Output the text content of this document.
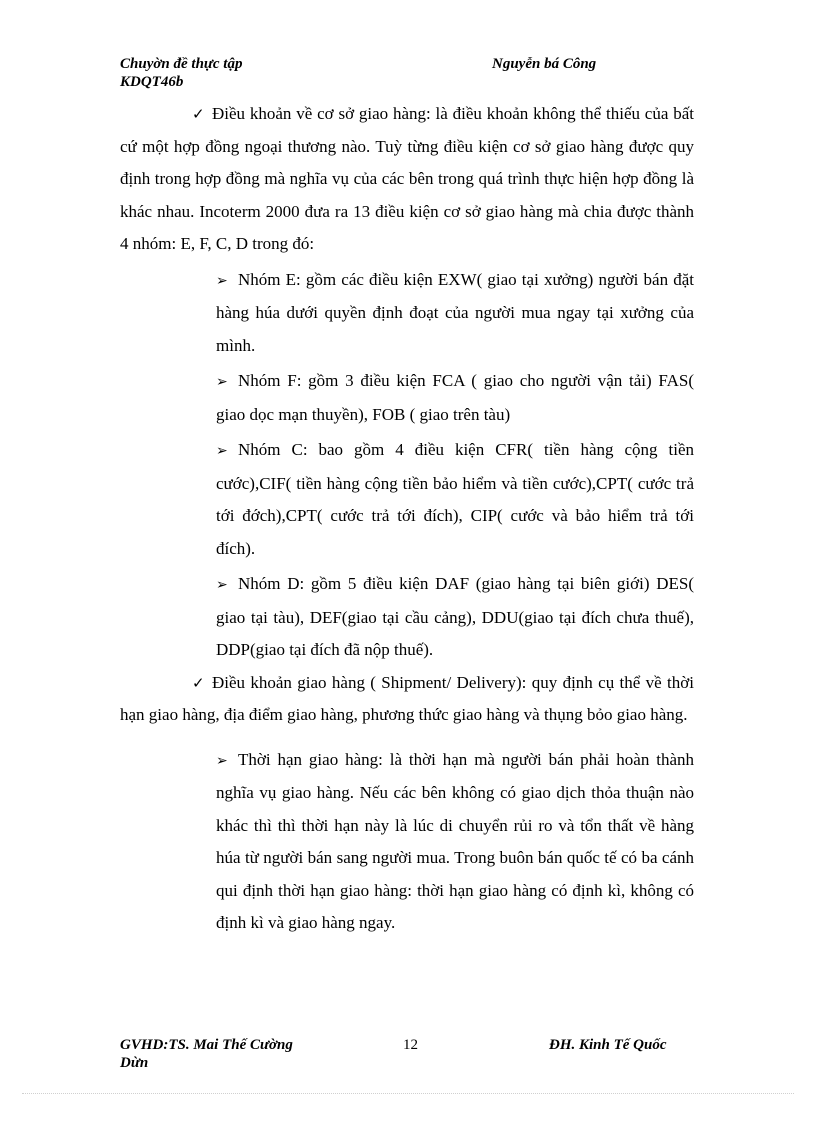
Chuyờn đề thực tập
KDQT46b
Nguyễn bá Công

✓ Điều khoản về cơ sở giao hàng: là điều khoản không thể thiếu của bất cứ một hợp đồng ngoại thương nào. Tuỳ từng điều kiện cơ sở giao hàng được quy định trong hợp đồng mà nghĩa vụ của các bên trong quá trình thực hiện hợp đồng là khác nhau. Incoterm 2000 đưa ra 13 điều kiện cơ sở giao hàng mà chia được thành 4 nhóm: E, F, C, D trong đó:

➢ Nhóm E: gồm các điều kiện EXW( giao tại xưởng) người bán đặt hàng húa dưới quyền định đoạt của người mua ngay tại xưởng của mình.

➢ Nhóm F: gồm 3 điều kiện FCA ( giao cho người vận tải) FAS( giao dọc mạn thuyền), FOB ( giao trên tàu)

➢ Nhóm C: bao gồm 4 điều kiện CFR( tiền hàng cộng tiền cước),CIF( tiền hàng cộng tiền bảo hiểm và tiền cước),CPT( cước trả tới đớch),CPT( cước trả tới đích), CIP( cước và bảo hiểm trả tới đích).

➢ Nhóm D: gồm 5 điều kiện DAF (giao hàng tại biên giới) DES( giao tại tàu), DEF(giao tại cầu cảng), DDU(giao tại đích chưa thuế), DDP(giao tại đích đã nộp thuế).

✓ Điều khoản giao hàng ( Shipment/ Delivery): quy định cụ thể về thời hạn giao hàng, địa điểm giao hàng, phương thức giao hàng và thụng bỏo giao hàng.

➢ Thời hạn giao hàng: là thời hạn mà người bán phải hoàn thành nghĩa vụ giao hàng. Nếu các bên không có giao dịch thỏa thuận nào khác thì thì thời hạn này là lúc di chuyển rủi ro và tổn thất về hàng húa từ người bán sang người mua. Trong buôn bán quốc tế có ba cánh qui định thời hạn giao hàng: thời hạn giao hàng có định kì, không có định kì và giao hàng ngay.

GVHD:TS. Mai Thế Cường
Dừn
12	ĐH. Kinh Tế Quốc
